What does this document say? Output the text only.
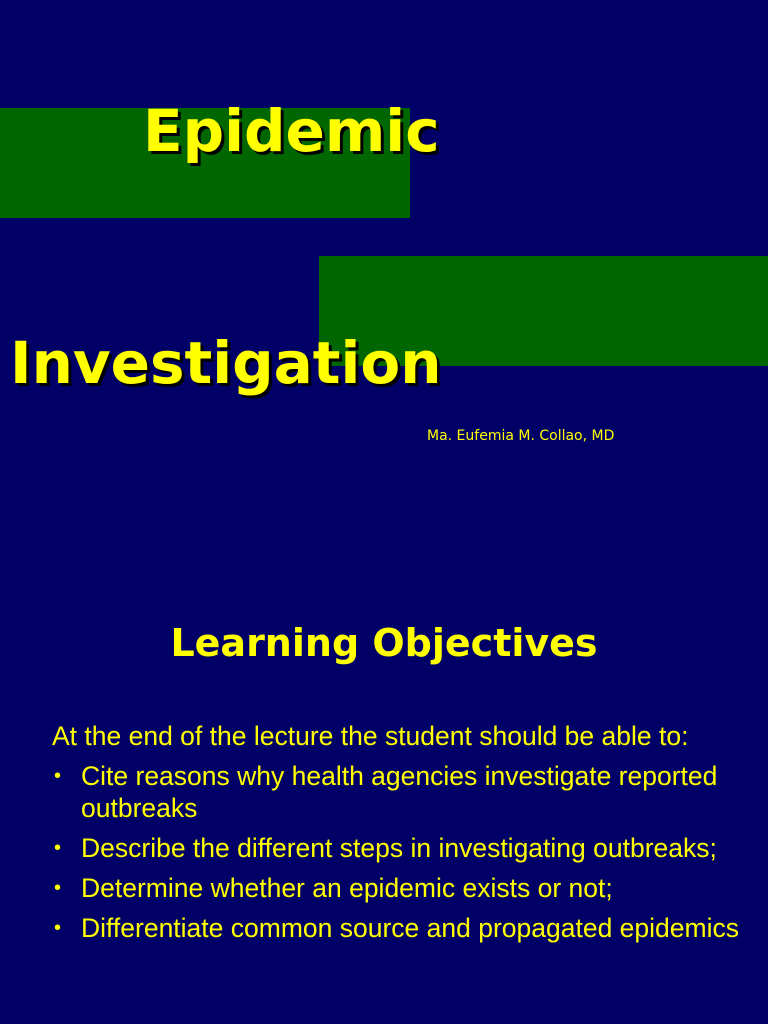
Epidemic
Investigation

Ma. Eufemia M. Collao, MD

Learning Objectives

At the end of the lecture the student should be able to:

• Cite reasons why health agencies investigate reported outbreaks
• Describe the different steps in investigating outbreaks;
• Determine whether an epidemic exists or not;
• Differentiate common source and propagated epidemics
